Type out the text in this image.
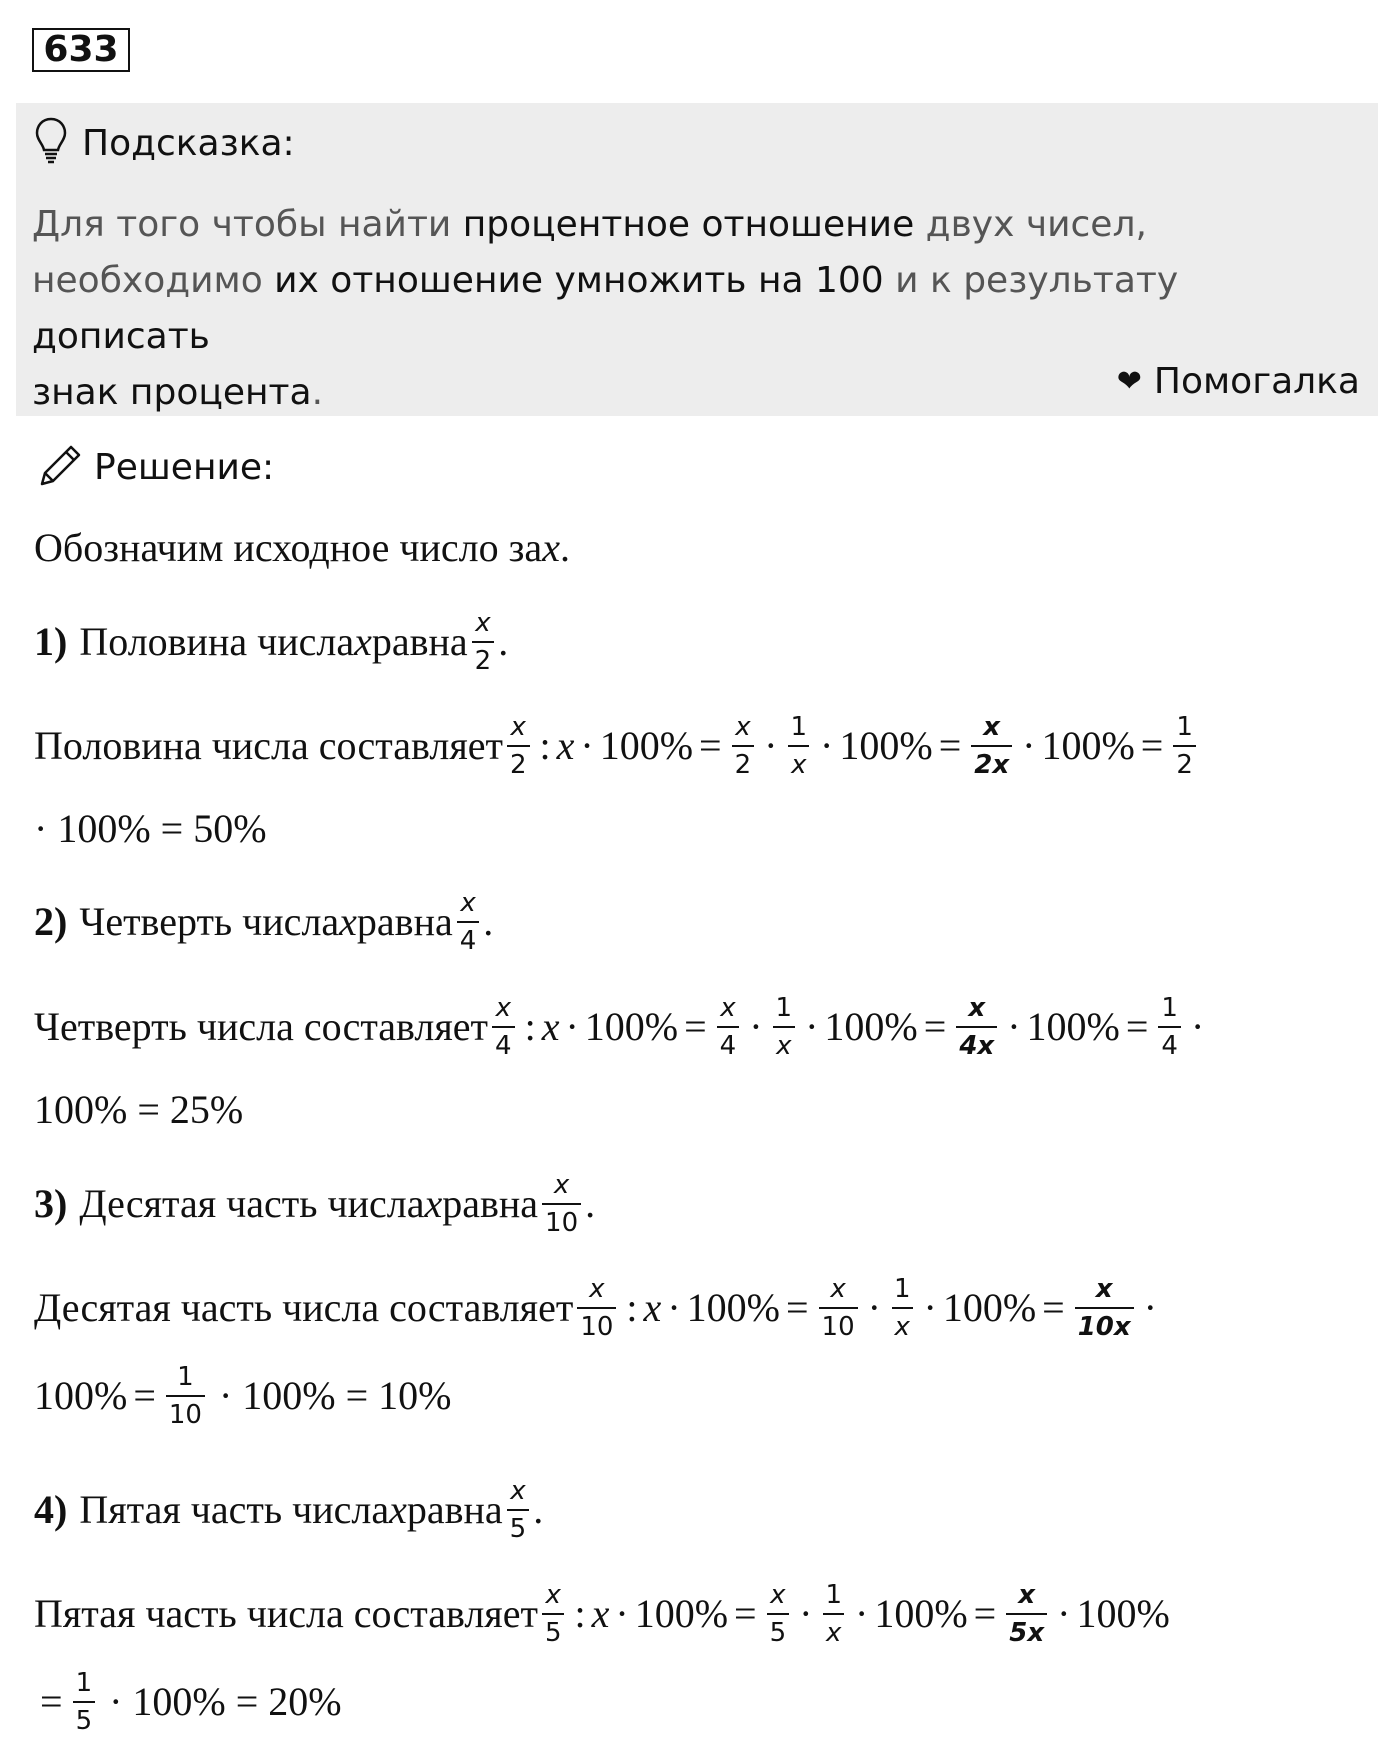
633
Подсказка:
Для того чтобы найти процентное отношение двух чисел,
необходимо их отношение умножить на 100 и к результату дописать
знак процента.	❤ Помогалка
Решение:
Обозначим исходное число за x .
1) Половина числа x равна $\frac{x}{2}$ .
Половина числа составляет $\frac{x}{2}$ : $x \cdot 100\% = \frac{x}{2} \cdot \frac{1}{x} \cdot 100\% = \frac{x}{2x} \cdot 100\% = \frac{1}{2}$
· 100% = 50%
2) Четверть числа x равна $\frac{x}{4}$ .
Четверть числа составляет $\frac{x}{4}$ : $x \cdot 100\% = \frac{x}{4} \cdot \frac{1}{x} \cdot 100\% = \frac{x}{4x} \cdot 100\% = \frac{1}{4}$ ·
100% = 25%
3) Десятая часть числа x равна $\frac{x}{10}$ .
Десятая часть числа составляет $\frac{x}{10}$ : $x \cdot 100\% = \frac{x}{10} \cdot \frac{1}{x} \cdot 100\% = \frac{x}{10x}$ ·
$100\% = \frac{1}{10} \cdot 100\% = 10\%$
4) Пятая часть числа x равна $\frac{x}{5}$ .
Пятая часть числа составляет $\frac{x}{5}$ : $x \cdot 100\% = \frac{x}{5} \cdot \frac{1}{x} \cdot 100\% = \frac{x}{5x} \cdot 100\%$
= $\frac{1}{5} \cdot 100\% = 20\%$
